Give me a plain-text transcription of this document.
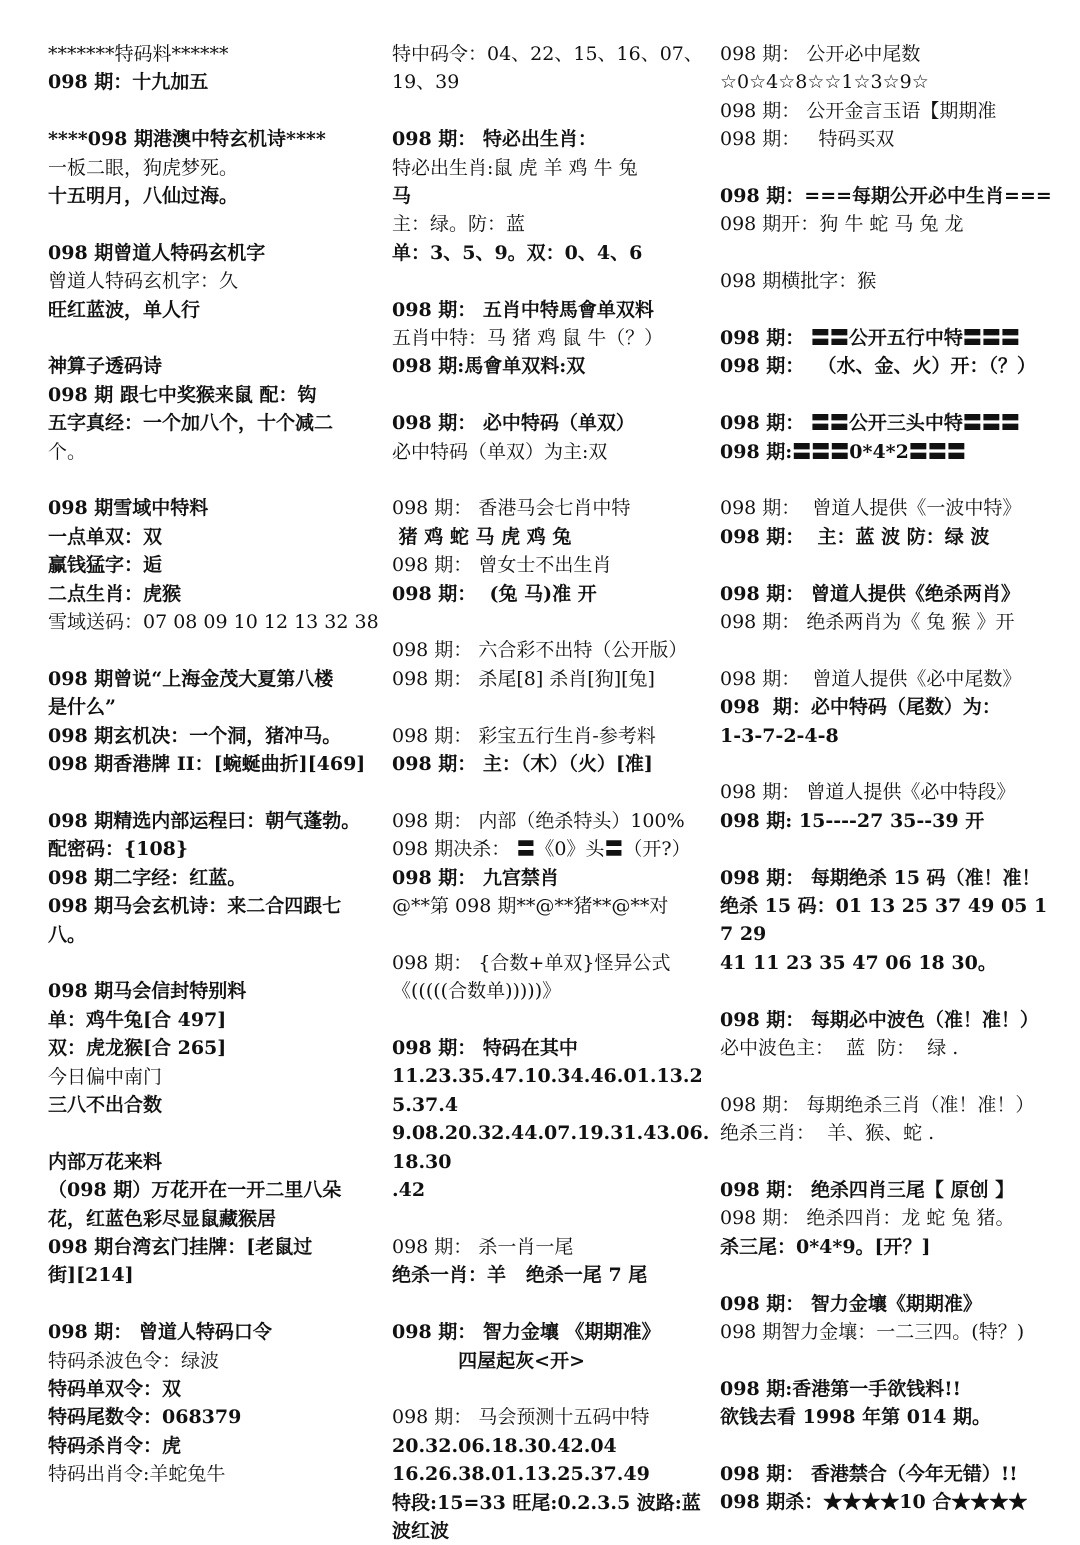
*******特码料******
098 期：十九加五
****098 期港澳中特玄机诗****
一板二眼，狗虎梦死。
十五明月，八仙过海。
098 期曾道人特码玄机字
曾道人特码玄机字：久
旺红蓝波，单人行
神算子透码诗
098 期 跟七中奖猴来鼠 配：钩
五字真经：一个加八个，十个减二
个。
098 期雪域中特料
一点单双：双
赢钱猛字：逅
二点生肖：虎猴
雪域送码：07 08 09 10 12 13 32 38
098 期曾说“上海金茂大夏第八楼
是什么”
098 期玄机决：一个洞，猪冲马。
098 期香港牌 II：[蜿蜒曲折][469]
098 期精选内部运程曰：朝气蓬勃。
配密码：{108}
098 期二字经：红蓝。
098 期马会玄机诗：来二合四跟七
八。
098 期马会信封特别料
单：鸡牛兔[合 497]
双：虎龙猴[合 265]
今日偏中南门
三八不出合数
内部万花来料
（098 期）万花开在一开二里八朵
花，红蓝色彩尽显鼠藏猴居
098 期台湾玄门挂牌：[老鼠过
街][214]
098 期： 曾道人特码口令
特码杀波色令：绿波
特码单双令：双
特码尾数令：068379
特码杀肖令：虎
特码出肖令:羊蛇兔牛
特中码令：04、22、15、16、07、
19、39
098 期： 特必出生肖：
特必出生肖:鼠 虎 羊 鸡 牛 兔
马
主：绿。防：蓝
单：3、5、9。双：0、4、6
098 期： 五肖中特馬會单双料
五肖中特：马 猪 鸡 鼠 牛（？）
098 期:馬會单双料:双
098 期： 必中特码（单双）
必中特码（单双）为主:双
098 期： 香港马会七肖中特
猪 鸡 蛇 马 虎 鸡 兔
098 期： 曾女士不出生肖
098 期：  (兔 马)准 开
098 期： 六合彩不出特（公开版）
098 期： 杀尾[8] 杀肖[狗][兔]
098 期： 彩宝五行生肖-参考料
098 期： 主：（木）（火）[准]
098 期： 内部（绝杀特头）100%
098 期决杀： 〓《0》头〓（开?）
098 期： 九宫禁肖
@**第 098 期**@**猪**@**对
098 期： {合数+单双}怪异公式
《(((((合数单)))))》
098 期： 特码在其中
11.23.35.47.10.34.46.01.13.25.37.4
9.08.20.32.44.07.19.31.43.06.18.30
.42
098 期： 杀一肖一尾
绝杀一肖：羊   绝杀一尾 7 尾
098 期： 智力金壤 《期期准》
四屋起灰<开>
098 期： 马会预测十五码中特
20.32.06.18.30.42.04
16.26.38.01.13.25.37.49
特段:15=33 旺尾:0.2.3.5 波路:蓝
波红波
098 期： 公开必中尾数
☆0☆4☆8☆☆1☆3☆9☆
098 期： 公开金言玉语【期期准
098 期：   特码买双
098 期：===每期公开必中生肖===
098 期开：狗 牛 蛇 马 兔 龙
098 期横批字：猴
098 期： 〓〓公开五行中特〓〓〓
098 期：  （水、金、火）开：（？）
098 期： 〓〓公开三头中特〓〓〓
098 期:〓〓〓0*4*2〓〓〓
098 期：  曾道人提供《一波中特》
098 期：  主：蓝 波 防：绿 波
098 期： 曾道人提供《绝杀两肖》
098 期： 绝杀两肖为《 兔 猴 》开
098 期：  曾道人提供《必中尾数》
098  期：必中特码（尾数）为：
1-3-7-2-4-8
098 期： 曾道人提供《必中特段》
098 期: 15----27 35--39 开
098 期： 每期绝杀 15 码（准！准！
绝杀 15 码：01 13 25 37 49 05 17 29
41 11 23 35 47 06 18 30。
098 期： 每期必中波色（准！准！）
必中波色主：  蓝  防：  绿 .
098 期： 每期绝杀三肖（准！准！）
绝杀三肖：  羊、猴、蛇 .
098 期： 绝杀四肖三尾【 原创 】
098 期： 绝杀四肖：龙 蛇 兔 猪。
杀三尾：0*4*9。[开？]
098 期： 智力金壤《期期准》
098 期智力金壤：一二三四。(特？)
098 期:香港第一手欲钱料!!
欲钱去看 1998 年第 014 期。
098 期： 香港禁合（今年无错）!!
098 期杀：★★★★10 合★★★★
